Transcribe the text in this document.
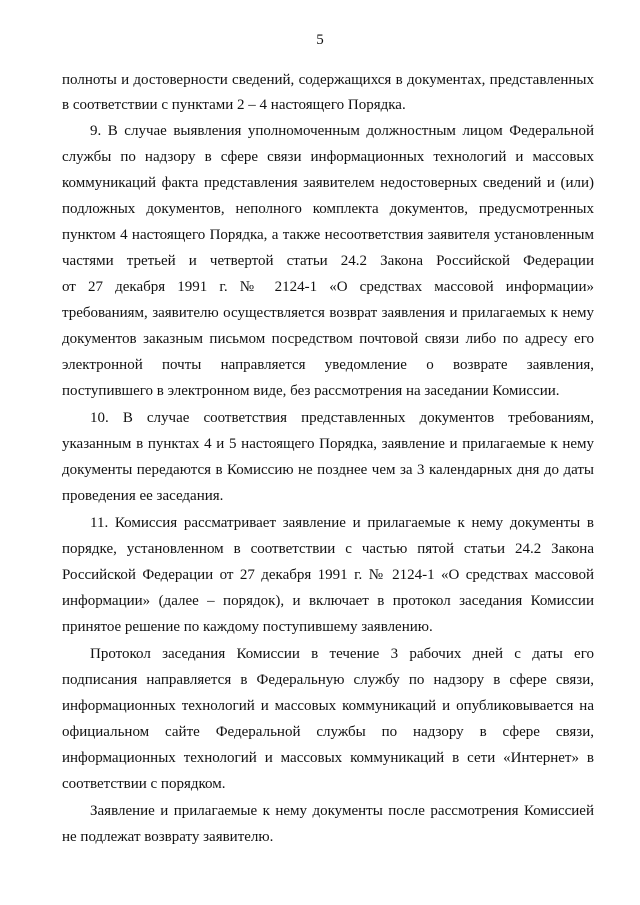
5
полноты и достоверности сведений, содержащихся в документах, представленных
в соответствии с пунктами 2 – 4 настоящего Порядка.
9. В случае выявления уполномоченным должностным лицом Федеральной
службы по надзору в сфере связи информационных технологий и массовых
коммуникаций факта представления заявителем недостоверных сведений и (или)
подложных документов, неполного комплекта документов, предусмотренных
пунктом 4 настоящего Порядка, а также несоответствия заявителя установленным
частями третьей и четвертой статьи 24.2 Закона Российской Федерации
от 27 декабря 1991 г. № 2124-1 «О средствах массовой информации»
требованиям, заявителю осуществляется возврат заявления и прилагаемых к нему
документов заказным письмом посредством почтовой связи либо по адресу его
электронной почты направляется уведомление о возврате заявления,
поступившего в электронном виде, без рассмотрения на заседании Комиссии.
10. В случае соответствия представленных документов требованиям,
указанным в пунктах 4 и 5 настоящего Порядка, заявление и прилагаемые к нему
документы передаются в Комиссию не позднее чем за 3 календарных дня до даты
проведения ее заседания.
11. Комиссия рассматривает заявление и прилагаемые к нему документы в
порядке, установленном в соответствии с частью пятой статьи 24.2 Закона
Российской Федерации от 27 декабря 1991 г. № 2124-1 «О средствах массовой
информации» (далее – порядок), и включает в протокол заседания Комиссии
принятое решение по каждому поступившему заявлению.
Протокол заседания Комиссии в течение 3 рабочих дней с даты его
подписания направляется в Федеральную службу по надзору в сфере связи,
информационных технологий и массовых коммуникаций и опубликовывается на
официальном сайте Федеральной службы по надзору в сфере связи,
информационных технологий и массовых коммуникаций в сети «Интернет» в
соответствии с порядком.
Заявление и прилагаемые к нему документы после рассмотрения Комиссией
не подлежат возврату заявителю.
